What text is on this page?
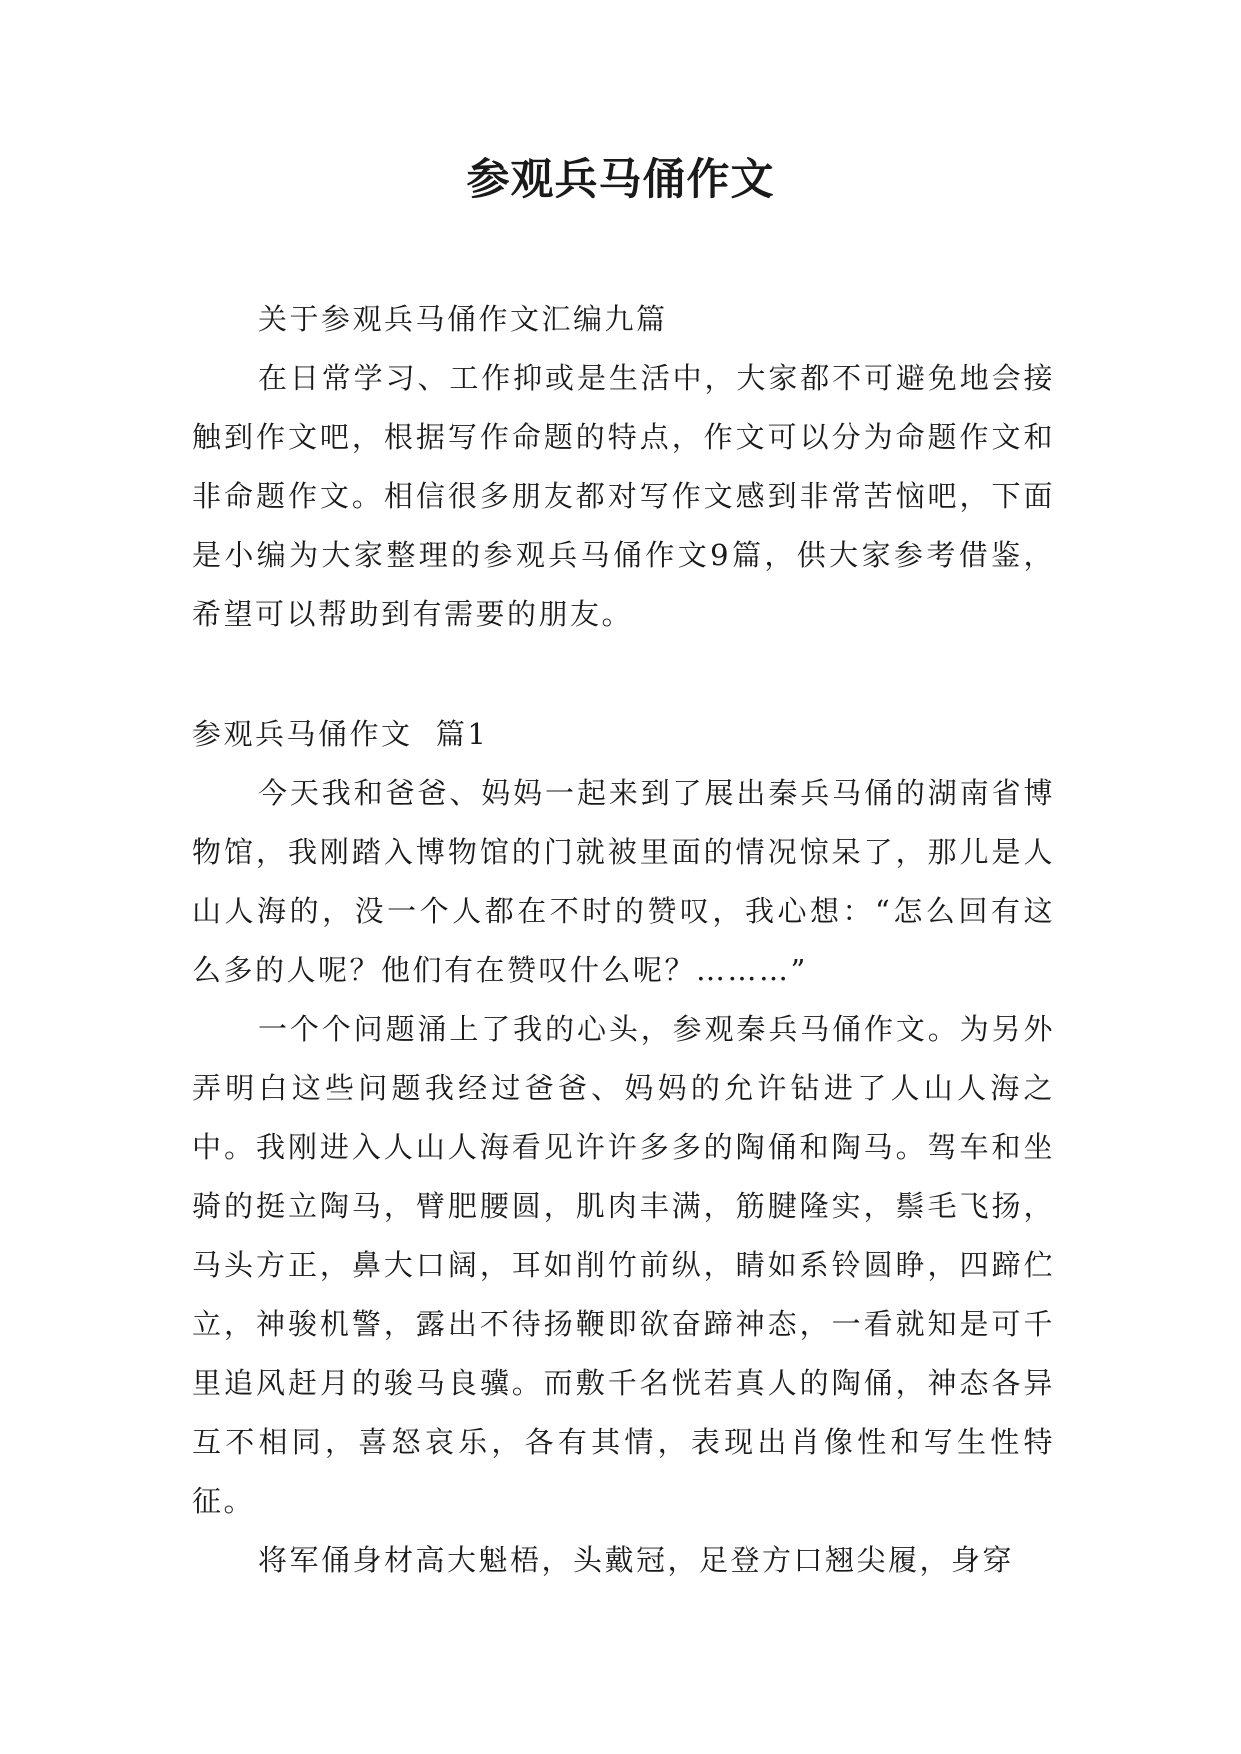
参观兵马俑作文

关于参观兵马俑作文汇编九篇

在日常学习、工作抑或是生活中，大家都不可避免地会接触到作文吧，根据写作命题的特点，作文可以分为命题作文和非命题作文。相信很多朋友都对写作文感到非常苦恼吧，下面是小编为大家整理的参观兵马俑作文9篇，供大家参考借鉴，希望可以帮助到有需要的朋友。

参观兵马俑作文  篇1

今天我和爸爸、妈妈一起来到了展出秦兵马俑的湖南省博物馆，我刚踏入博物馆的门就被里面的情况惊呆了，那儿是人山人海的，没一个人都在不时的赞叹，我心想：“怎么回有这么多的人呢？他们有在赞叹什么呢？………”

一个个问题涌上了我的心头，参观秦兵马俑作文。为另外弄明白这些问题我经过爸爸、妈妈的允许钻进了人山人海之中。我刚进入人山人海看见许许多多的陶俑和陶马。驾车和坐骑的挺立陶马，臂肥腰圆，肌肉丰满，筋腱隆实，鬃毛飞扬，马头方正，鼻大口阔，耳如削竹前纵，睛如系铃圆睁，四蹄伫立，神骏机警，露出不待扬鞭即欲奋蹄神态，一看就知是可千里追风赶月的骏马良骥。而敷千名恍若真人的陶俑，神态各异互不相同，喜怒哀乐，各有其情，表现出肖像性和写生性特征。

将军俑身材高大魁梧，头戴冠，足登方口翘尖履，身穿
